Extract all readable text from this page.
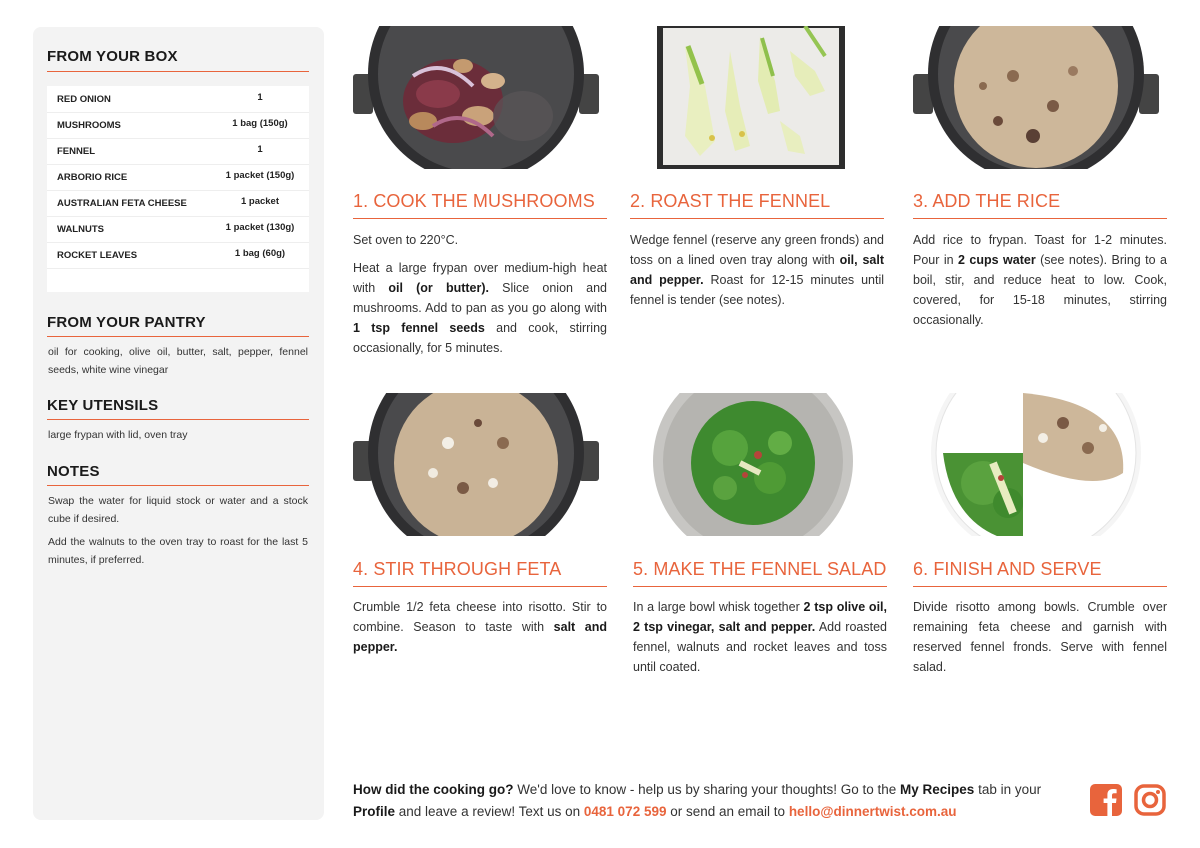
FROM YOUR BOX
RED ONION	1
MUSHROOMS	1 bag (150g)
FENNEL	1
ARBORIO RICE	1 packet (150g)
AUSTRALIAN FETA CHEESE	1 packet
WALNUTS	1 packet (130g)
ROCKET LEAVES	1 bag (60g)
FROM YOUR PANTRY
oil for cooking, olive oil, butter, salt, pepper, fennel seeds, white wine vinegar
KEY UTENSILS
large frypan with lid, oven tray
NOTES
Swap the water for liquid stock or water and a stock cube if desired.
Add the walnuts to the oven tray to roast for the last 5 minutes, if preferred.
1. COOK THE MUSHROOMS 2. ROAST THE FENNEL	3. ADD THE RICE
4. STIR THROUGH FETA	5. MAKE THE FENNEL SALAD 6. FINISH AND SERVE
Set oven to 220°C.
Heat a large frypan over medium-high heat with oil (or butter). Slice onion and mushrooms. Add to pan as you go along with 1 tsp fennel seeds and cook, stirring occasionally, for 5 minutes.
Wedge fennel (reserve any green fronds) and toss on a lined oven tray along with oil, salt and pepper. Roast for 12-15 minutes until fennel is tender (see notes).
Add rice to frypan. Toast for 1-2 minutes. Pour in 2 cups water (see notes). Bring to a boil, stir, and reduce heat to low. Cook, covered, for 15-18 minutes, stirring occasionally.
Crumble 1/2 feta cheese into risotto. Stir to combine. Season to taste with salt and pepper.
In a large bowl whisk together 2 tsp olive oil, 2 tsp vinegar, salt and pepper. Add roasted fennel, walnuts and rocket leaves and toss until coated.
Divide risotto among bowls. Crumble over remaining feta cheese and garnish with reserved fennel fronds. Serve with fennel salad.
How did the cooking go? We'd love to know - help us by sharing your thoughts! Go to the My Recipes tab in your Profile and leave a review! Text us on 0481 072 599 or send an email to hello@dinnertwist.com.au
